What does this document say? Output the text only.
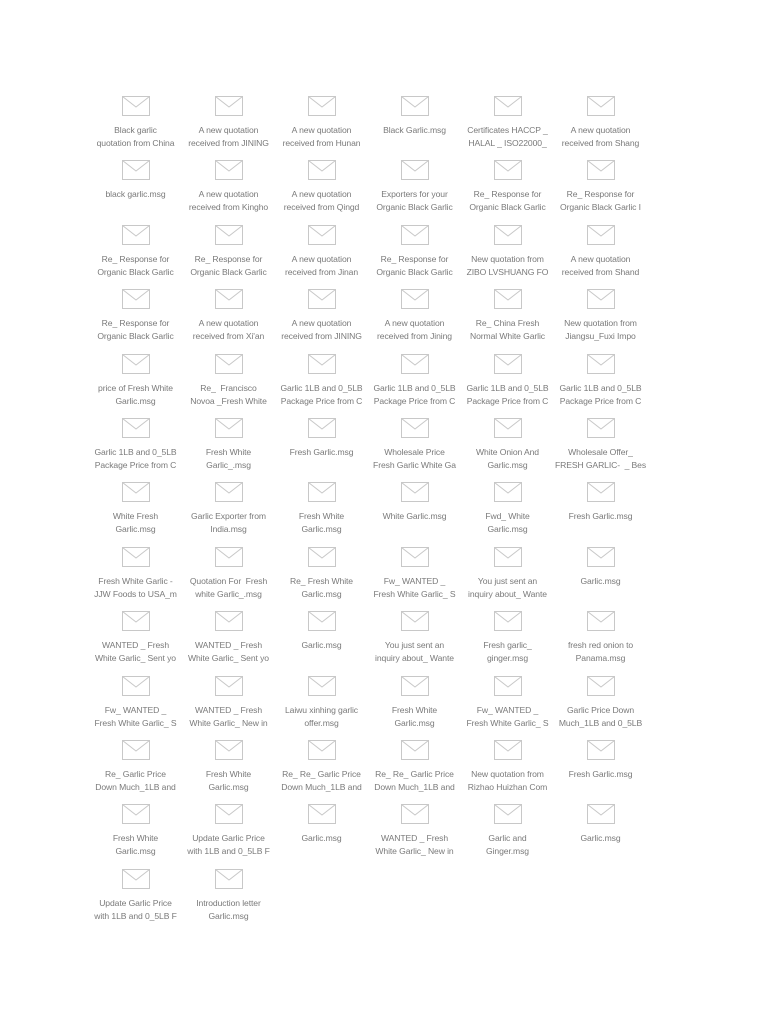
Black garlic
quotation from China
A new quotation
received from JINING
A new quotation
received from Hunan
Black Garlic.msg	Certificates HACCP _
HALAL _ ISO22000_
A new quotation
received from Shang
black garlic.msg	A new quotation
received from Kingho
A new quotation
received from Qingd
Exporters for your
Organic Black Garlic
Re_ Response for
Organic Black Garlic
Re_ Response for
Organic Black Garlic I
Re_ Response for
Organic Black Garlic
Re_ Response for
Organic Black Garlic
A new quotation
received from Jinan
Re_ Response for
Organic Black Garlic
New quotation from
ZIBO LVSHUANG FO
A new quotation
received from Shand
Re_ Response for
Organic Black Garlic
A new quotation
received from Xi'an
A new quotation
received from JINING
A new quotation
received from Jining
Re_ China Fresh
Normal White Garlic
New quotation from
Jiangsu_Fuxi Impo
price of Fresh White
Garlic.msg
Re_  Francisco
Novoa _Fresh White
Garlic 1LB and 0_5LB
Package Price from C
Garlic 1LB and 0_5LB
Package Price from C
Garlic 1LB and 0_5LB
Package Price from C
Garlic 1LB and 0_5LB
Package Price from C
Garlic 1LB and 0_5LB
Package Price from C
Fresh White
Garlic_.msg
Fresh Garlic.msg	Wholesale Price
Fresh Garlic White Ga
White Onion And
Garlic.msg
Wholesale Offer_
FRESH GARLIC-  _ Bes
White Fresh
Garlic.msg
Garlic Exporter from
India.msg
Fresh White
Garlic.msg
White Garlic.msg	Fwd_ White
Garlic.msg
Fresh Garlic.msg
Fresh White Garlic -
JJW Foods to USA_m
Quotation For  Fresh
white Garlic_.msg
Re_ Fresh White
Garlic.msg
Fw_ WANTED _
Fresh White Garlic_ S
You just sent an
inquiry about_ Wante
Garlic.msg
WANTED _ Fresh
White Garlic_ Sent yo
WANTED _ Fresh
White Garlic_ Sent yo
Garlic.msg	You just sent an
inquiry about_ Wante
Fresh garlic_
ginger.msg
fresh red onion to
Panama.msg
Fw_ WANTED _
Fresh White Garlic_ S
WANTED _ Fresh
White Garlic_ New in
Laiwu xinhing garlic
offer.msg
Fresh White
Garlic.msg
Fw_ WANTED _
Fresh White Garlic_ S
Garlic Price Down
Much_1LB and 0_5LB
Re_ Garlic Price
Down Much_1LB and
Fresh White
Garlic.msg
Re_ Re_ Garlic Price
Down Much_1LB and
Re_ Re_ Garlic Price
Down Much_1LB and
New quotation from
Rizhao Huizhan Com
Fresh Garlic.msg
Fresh White
Garlic.msg
Update Garlic Price
with 1LB and 0_5LB F
Garlic.msg	WANTED _ Fresh
White Garlic_ New in
Garlic and
Ginger.msg
Garlic.msg
Update Garlic Price
with 1LB and 0_5LB F
Introduction letter
Garlic.msg
